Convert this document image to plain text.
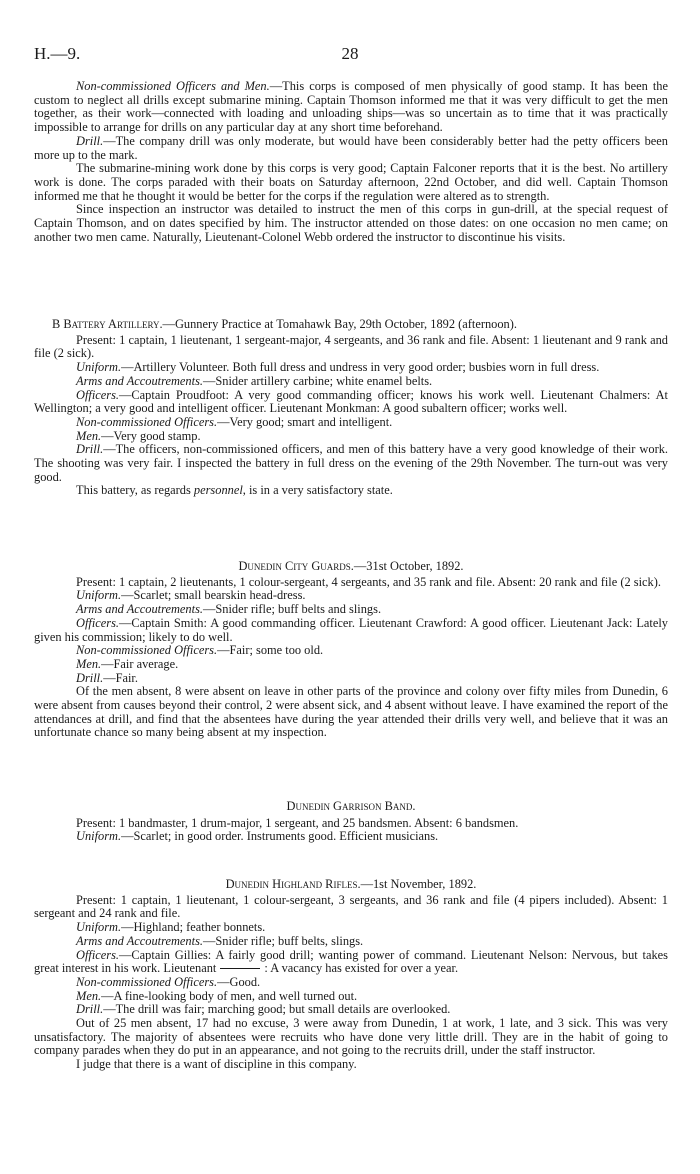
H.—9.	28

Non-commissioned Officers and Men.—This corps is composed of men physically of good stamp. It has been the custom to neglect all drills except submarine mining. Captain Thomson informed me that it was very difficult to get the men together, as their work—connected with loading and unloading ships—was so uncertain as to time that it was practically impossible to arrange for drills on any particular day at any short time beforehand.

Drill.—The company drill was only moderate, but would have been considerably better had the petty officers been more up to the mark.

The submarine-mining work done by this corps is very good; Captain Falconer reports that it is the best. No artillery work is done. The corps paraded with their boats on Saturday afternoon, 22nd October, and did well. Captain Thomson informed me that he thought it would be better for the corps if the regulation were altered as to strength.

Since inspection an instructor was detailed to instruct the men of this corps in gun-drill, at the special request of Captain Thomson, and on dates specified by him. The instructor attended on those dates: on one occasion no men came; on another two men came. Naturally, Lieutenant-Colonel Webb ordered the instructor to discontinue his visits.

B Battery Artillery.—Gunnery Practice at Tomahawk Bay, 29th October, 1892 (afternoon).

Present: 1 captain, 1 lieutenant, 1 sergeant-major, 4 sergeants, and 36 rank and file. Absent: 1 lieutenant and 9 rank and file (2 sick).

Uniform.—Artillery Volunteer. Both full dress and undress in very good order; busbies worn in full dress.

Arms and Accoutrements.—Snider artillery carbine; white enamel belts.

Officers.—Captain Proudfoot: A very good commanding officer; knows his work well. Lieutenant Chalmers: At Wellington; a very good and intelligent officer. Lieutenant Monkman: A good subaltern officer; works well.

Non-commissioned Officers.—Very good; smart and intelligent.

Men.—Very good stamp.

Drill.—The officers, non-commissioned officers, and men of this battery have a very good knowledge of their work. The shooting was very fair. I inspected the battery in full dress on the evening of the 29th November. The turn-out was very good.

This battery, as regards personnel, is in a very satisfactory state.

Dunedin City Guards.—31st October, 1892.

Present: 1 captain, 2 lieutenants, 1 colour-sergeant, 4 sergeants, and 35 rank and file. Absent: 20 rank and file (2 sick).

Uniform.—Scarlet; small bearskin head-dress.

Arms and Accoutrements.—Snider rifle; buff belts and slings.

Officers.—Captain Smith: A good commanding officer. Lieutenant Crawford: A good officer. Lieutenant Jack: Lately given his commission; likely to do well.

Non-commissioned Officers.—Fair; some too old.

Men.—Fair average.

Drill.—Fair.

Of the men absent, 8 were absent on leave in other parts of the province and colony over fifty miles from Dunedin, 6 were absent from causes beyond their control, 2 were absent sick, and 4 absent without leave. I have examined the report of the attendances at drill, and find that the absentees have during the year attended their drills very well, and believe that it was an unfortunate chance so many being absent at my inspection.

Dunedin Garrison Band.

Present: 1 bandmaster, 1 drum-major, 1 sergeant, and 25 bandsmen. Absent: 6 bandsmen.

Uniform.—Scarlet; in good order. Instruments good. Efficient musicians.

Dunedin Highland Rifles.—1st November, 1892.

Present: 1 captain, 1 lieutenant, 1 colour-sergeant, 3 sergeants, and 36 rank and file (4 pipers included). Absent: 1 sergeant and 24 rank and file.

Uniform.—Highland; feather bonnets.

Arms and Accoutrements.—Snider rifle; buff belts, slings.

Officers.—Captain Gillies: A fairly good drill; wanting power of command. Lieutenant Nelson: Nervous, but takes great interest in his work. Lieutenant	: A vacancy has existed for over a year.

Non-commissioned Officers.—Good.

Men.—A fine-looking body of men, and well turned out.

Drill.—The drill was fair; marching good; but small details are overlooked.

Out of 25 men absent, 17 had no excuse, 3 were away from Dunedin, 1 at work, 1 late, and 3 sick. This was very unsatisfactory. The majority of absentees were recruits who have done very little drill. They are in the habit of going to company parades when they do put in an appearance, and not going to the recruits drill, under the staff instructor.

I judge that there is a want of discipline in this company.
